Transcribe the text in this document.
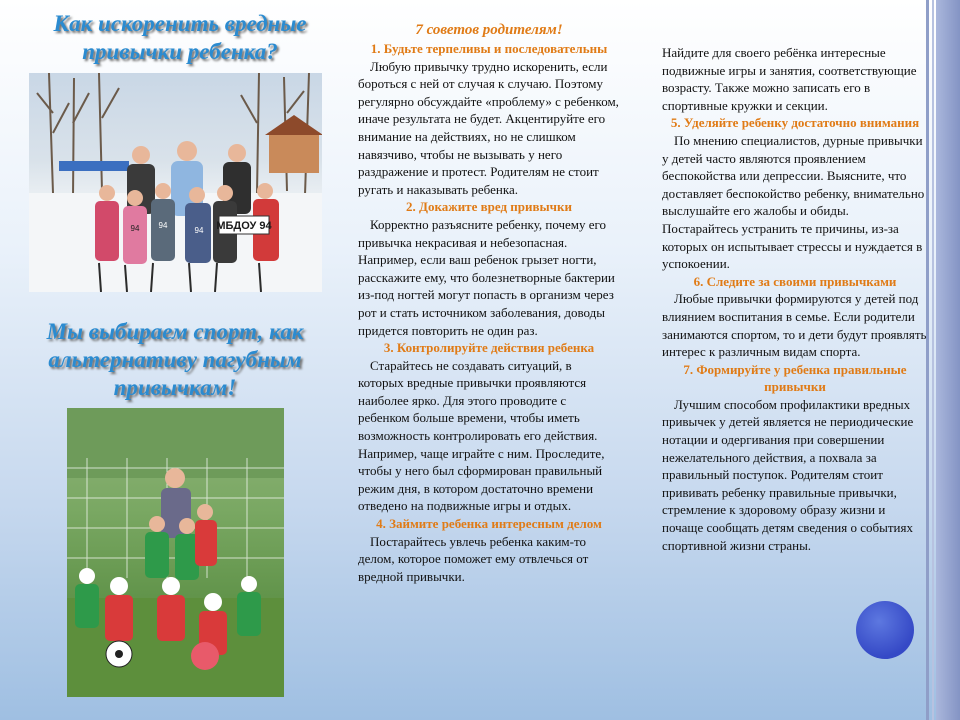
Как искоренить вредные привычки ребенка?
МБДОУ 94
94 94
94
Мы выбираем спорт, как альтернативу пагубным привычкам!
7 советов родителям!
1. Будьте терпеливы и последовательны

Любую привычку трудно искоренить, если бороться с ней от случая к случаю. Поэтому регулярно обсуждайте «проблему» с ребенком, иначе результата не будет. Акцентируйте его внимание на действиях, но не слишком навязчиво, чтобы не вызывать у него раздражение и протест. Родителям не стоит ругать и наказывать ребенка.

2. Докажите вред привычки

Корректно разъясните ребенку, почему его привычка некрасивая и небезопасная. Например, если ваш ребенок грызет ногти, расскажите ему, что болезнетворные бактерии из-под ногтей могут попасть в организм через рот и стать источником заболевания, доводы придется повторить не один раз.

3. Контролируйте действия ребенка

Старайтесь не создавать ситуаций, в которых вредные привычки проявляются наиболее ярко. Для этого проводите с ребенком больше времени, чтобы иметь возможность контролировать его действия. Например, чаще играйте с ним. Проследите, чтобы у него был сформирован правильный режим дня, в котором достаточно времени отведено на подвижные игры и отдых.

4. Займите ребенка интересным делом

Постарайтесь увлечь ребенка каким-то делом, которое поможет ему отвлечься от вредной привычки.

Найдите для своего ребёнка интересные подвижные игры и занятия, соответствующие возрасту. Также можно записать его в спортивные кружки и секции.

5. Уделяйте ребенку достаточно внимания

По мнению специалистов, дурные привычки у детей часто являются проявлением беспокойства или депрессии. Выясните, что доставляет беспокойство ребенку, внимательно выслушайте его жалобы и обиды. Постарайтесь устранить те причины, из-за которых он испытывает стрессы и нуждается в успокоении.

6. Следите за своими привычками

Любые привычки формируются у детей под влиянием воспитания в семье. Если родители занимаются спортом, то и дети будут проявлять интерес к различным видам спорта.

7. Формируйте у ребенка правильные привычки

Лучшим способом профилактики вредных привычек у детей является не периодические нотации и одергивания при совершении нежелательного действия, а похвала за правильный поступок. Родителям стоит прививать ребенку правильные привычки, стремление к здоровому образу жизни и почаще сообщать детям сведения о событиях спортивной жизни страны.
